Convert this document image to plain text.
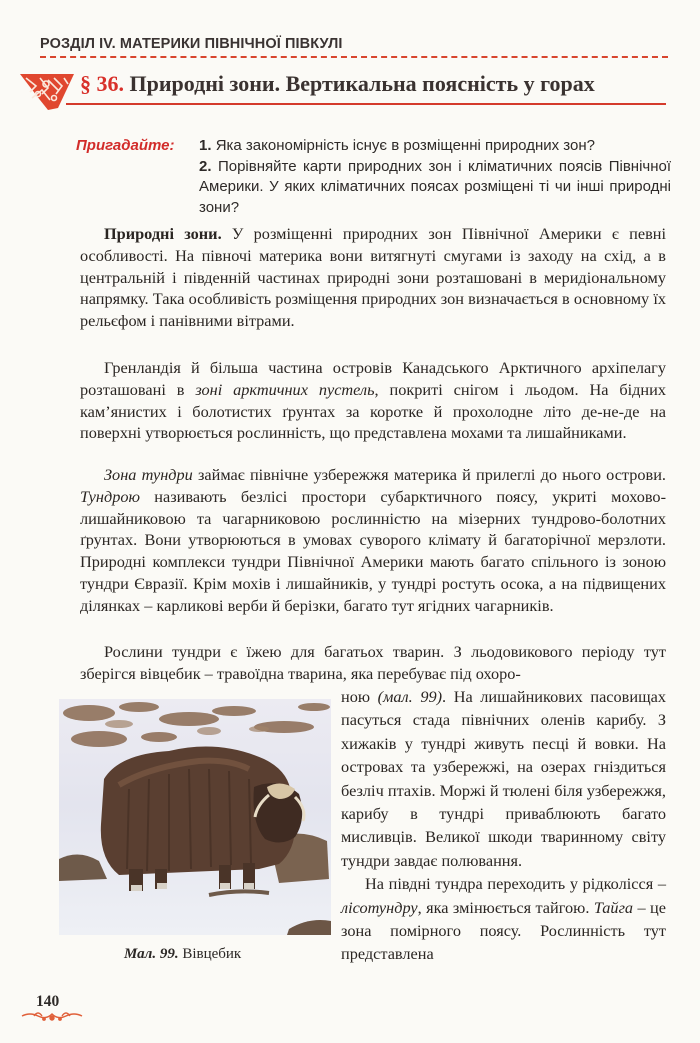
РОЗДІЛ IV. МАТЕРИКИ ПІВНІЧНОЇ ПІВКУЛІ
§ 36. Природні зони. Вертикальна поясність у горах
Пригадайте: 1. Яка закономірність існує в розміщенні природних зон?
2. Порівняйте карти природних зон і кліматичних поясів Північної Америки. У яких кліматичних поясах розміщені ті чи інші природні зони?

Природні зони. У розміщенні природних зон Північної Америки є певні особливості. На півночі материка вони витягнуті смугами із заходу на схід, а в центральній і південній частинах природні зони розташовані в меридіональному напрямку. Така особливість розміщення природних зон визначається в основному їх рельєфом і панівними вітрами.

Гренландія й більша частина островів Канадського Арктичного архіпелагу розташовані в зоні арктичних пустель, покриті снігом і льодом. На бідних кам’янистих і болотистих ґрунтах за коротке й прохолодне літо де-не-де на поверхні утворюється рослинність, що представлена мохами та лишайниками.

Зона тундри займає північне узбережжя материка й прилеглі до нього острови. Тундрою називають безлісі простори субарктичного поясу, укриті мохово-лишайниковою та чагарниковою рослинністю на мізерних тундрово-болотних ґрунтах. Вони утворюються в умовах суворого клімату й багаторічної мерзлоти. Природні комплекси тундри Північної Америки мають багато спільного із зоною тундри Євразії. Крім мохів і лишайників, у тундрі ростуть осока, а на підвищених ділянках – карликові верби й берізки, багато тут ягідних чагарників.

Рослини тундри є їжею для багатьох тварин. З льодовикового періоду тут зберігся вівцебик – травоїдна тварина, яка перебуває під охоро-

ною (мал. 99). На лишайникових пасовищах пасуться стада північних оленів карибу. З хижаків у тундрі живуть песці й вовки. На островах та узбережжі, на озерах гніздиться безліч птахів. Моржі й тюлені біля узбережжя, карибу в тундрі приваблюють багато мисливців. Великої шкоди тваринному світу тундри завдає полювання.

На півдні тундра переходить у рідколісся – лісотундру, яка змінюється тайгою. Тайга – це зона помірного поясу. Рослинність тут представлена

Мал. 99. Вівцебик
140
